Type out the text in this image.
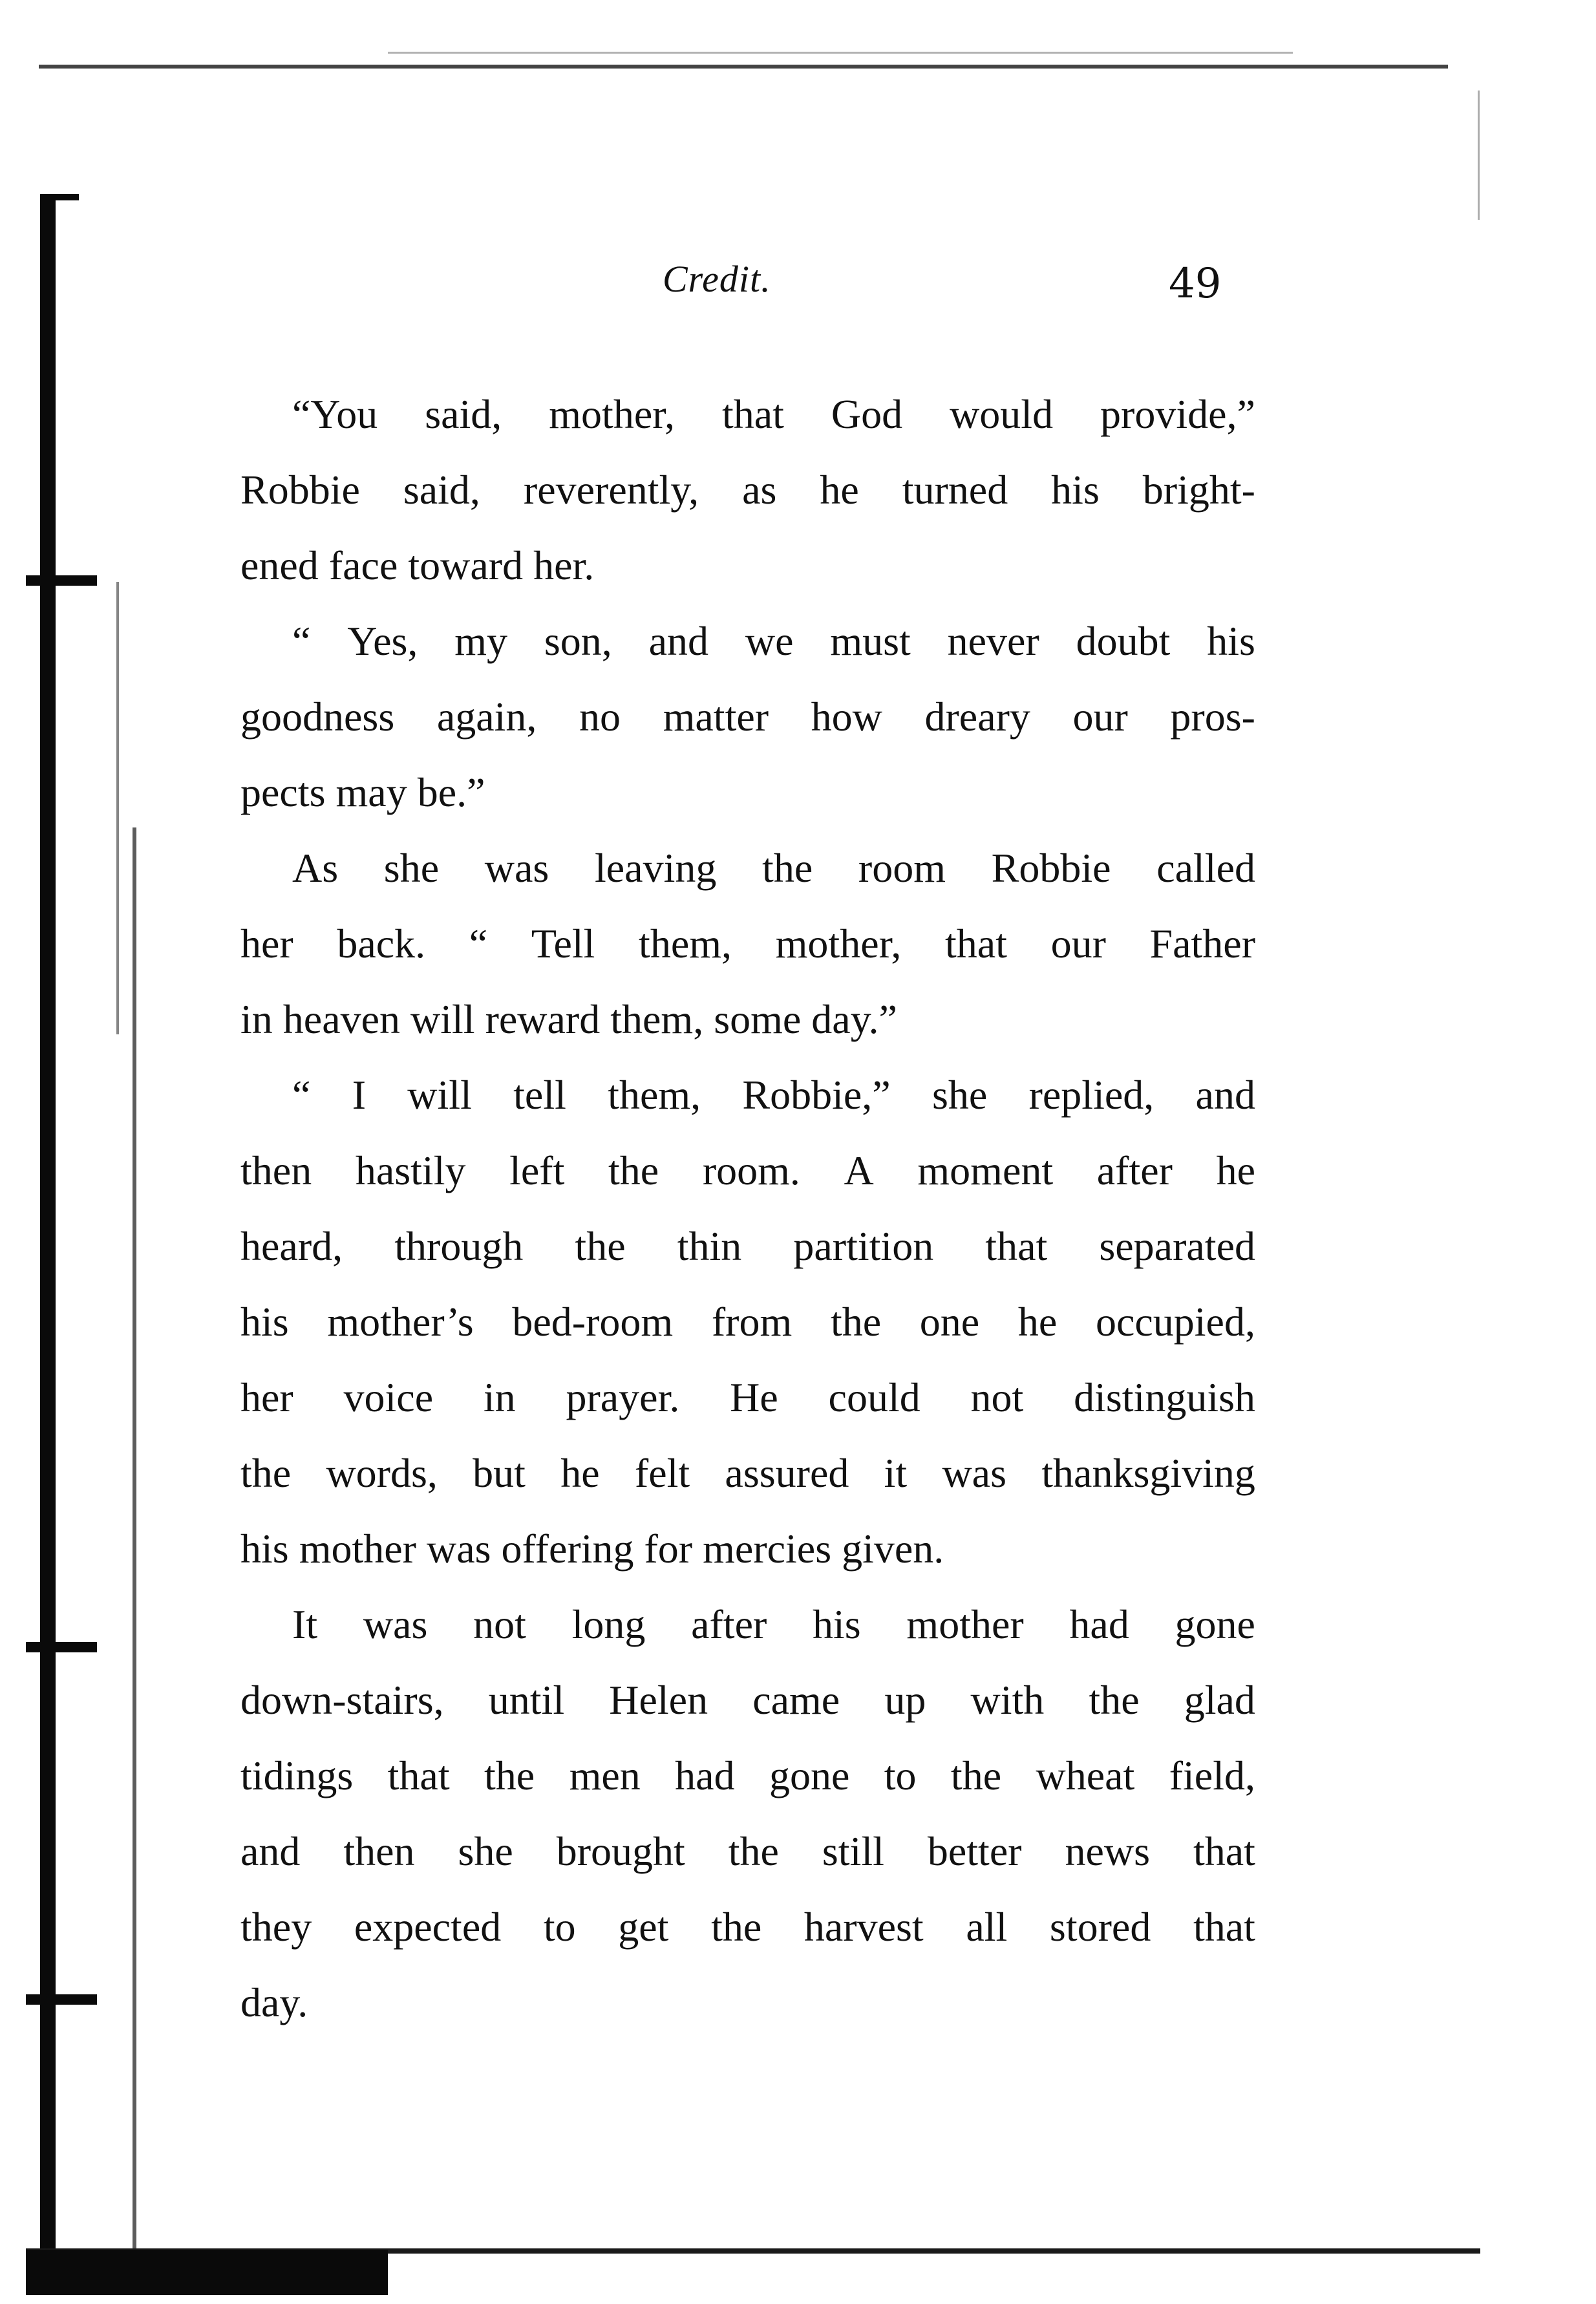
Credit.	49
“You said, mother, that God would provide,”
Robbie said, reverently, as he turned his bright-
ened face toward her.
“ Yes, my son, and we must never doubt his
goodness again, no matter how dreary our pros-
pects may be.”
As she was leaving the room Robbie called
her back. “ Tell them, mother, that our Father
in heaven will reward them, some day.”
“ I will tell them, Robbie,” she replied, and
then hastily left the room. A moment after he
heard, through the thin partition that separated
his mother’s bed-room from the one he occupied,
her voice in prayer. He could not distinguish
the words, but he felt assured it was thanksgiving
his mother was offering for mercies given.
It was not long after his mother had gone
down-stairs, until Helen came up with the glad
tidings that the men had gone to the wheat field,
and then she brought the still better news that
they expected to get the harvest all stored that
day.
